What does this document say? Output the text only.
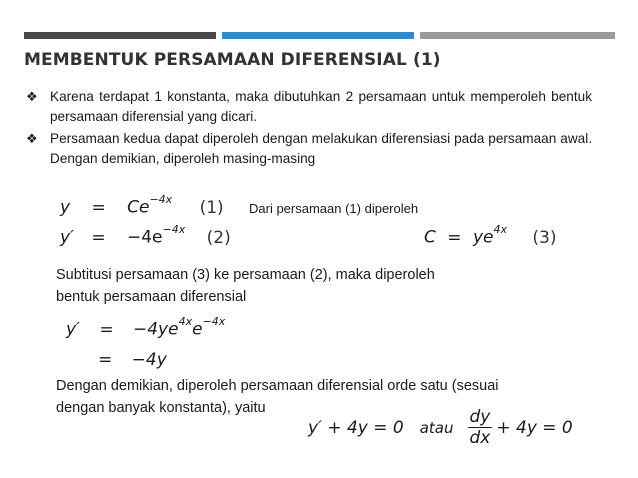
MEMBENTUK PERSAMAAN DIFERENSIAL (1)
❖ Karena terdapat 1 konstanta, maka dibutuhkan 2 persamaan untuk memperoleh bentuk persamaan diferensial yang dicari.
❖ Persamaan kedua dapat diperoleh dengan melakukan diferensiasi pada persamaan awal. Dengan demikian, diperoleh masing-masing
$y = Ce^{-4x}$ (1)
$y' = -4e^{-4x}$ (2)
Dari persamaan (1) diperoleh
$C = ye^{4x}$ (3)
Subtitusi persamaan (3) ke persamaan (2), maka diperoleh
bentuk persamaan diferensial
$y' = -4ye^{4x}e^{-4x}$
= −4y
Dengan demikian, diperoleh persamaan diferensial orde satu (sesuai
dengan banyak konstanta), yaitu
y′ + 4y = 0 atau $\frac{dy}{dx} + 4y = 0$
